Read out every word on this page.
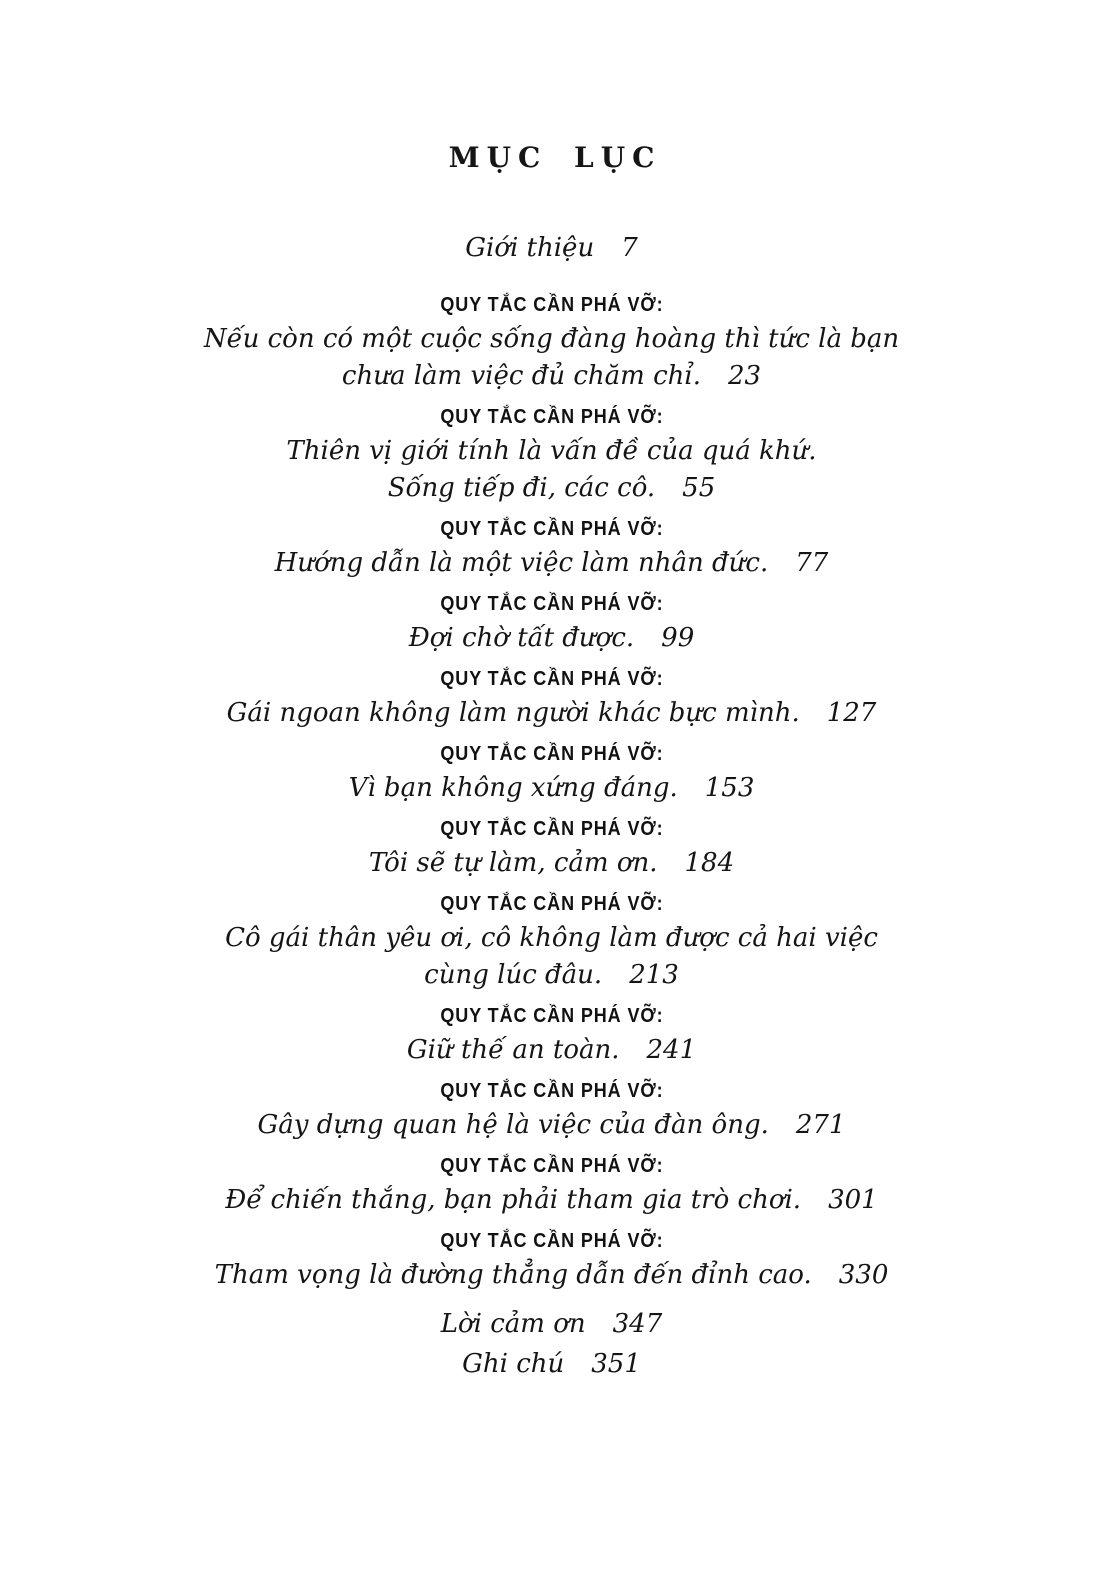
MỤC LỤC
Giới thiệu 7
QUY TẮC CẦN PHÁ VỠ:
Nếu còn có một cuộc sống đàng hoàng thì tức là bạn
chưa làm việc đủ chăm chỉ. 23
QUY TẮC CẦN PHÁ VỠ:
Thiên vị giới tính là vấn đề của quá khứ.
Sống tiếp đi, các cô. 55
QUY TẮC CẦN PHÁ VỠ:
Hướng dẫn là một việc làm nhân đức. 77
QUY TẮC CẦN PHÁ VỠ:
Đợi chờ tất được. 99
QUY TẮC CẦN PHÁ VỠ:
Gái ngoan không làm người khác bực mình. 127
QUY TẮC CẦN PHÁ VỠ:
Vì bạn không xứng đáng. 153
QUY TẮC CẦN PHÁ VỠ:
Tôi sẽ tự làm, cảm ơn. 184
QUY TẮC CẦN PHÁ VỠ:
Cô gái thân yêu ơi, cô không làm được cả hai việc
cùng lúc đâu. 213
QUY TẮC CẦN PHÁ VỠ:
Giữ thế an toàn. 241
QUY TẮC CẦN PHÁ VỠ:
Gây dựng quan hệ là việc của đàn ông. 271
QUY TẮC CẦN PHÁ VỠ:
Để chiến thắng, bạn phải tham gia trò chơi. 301
QUY TẮC CẦN PHÁ VỠ:
Tham vọng là đường thẳng dẫn đến đỉnh cao. 330
Lời cảm ơn 347
Ghi chú 351
